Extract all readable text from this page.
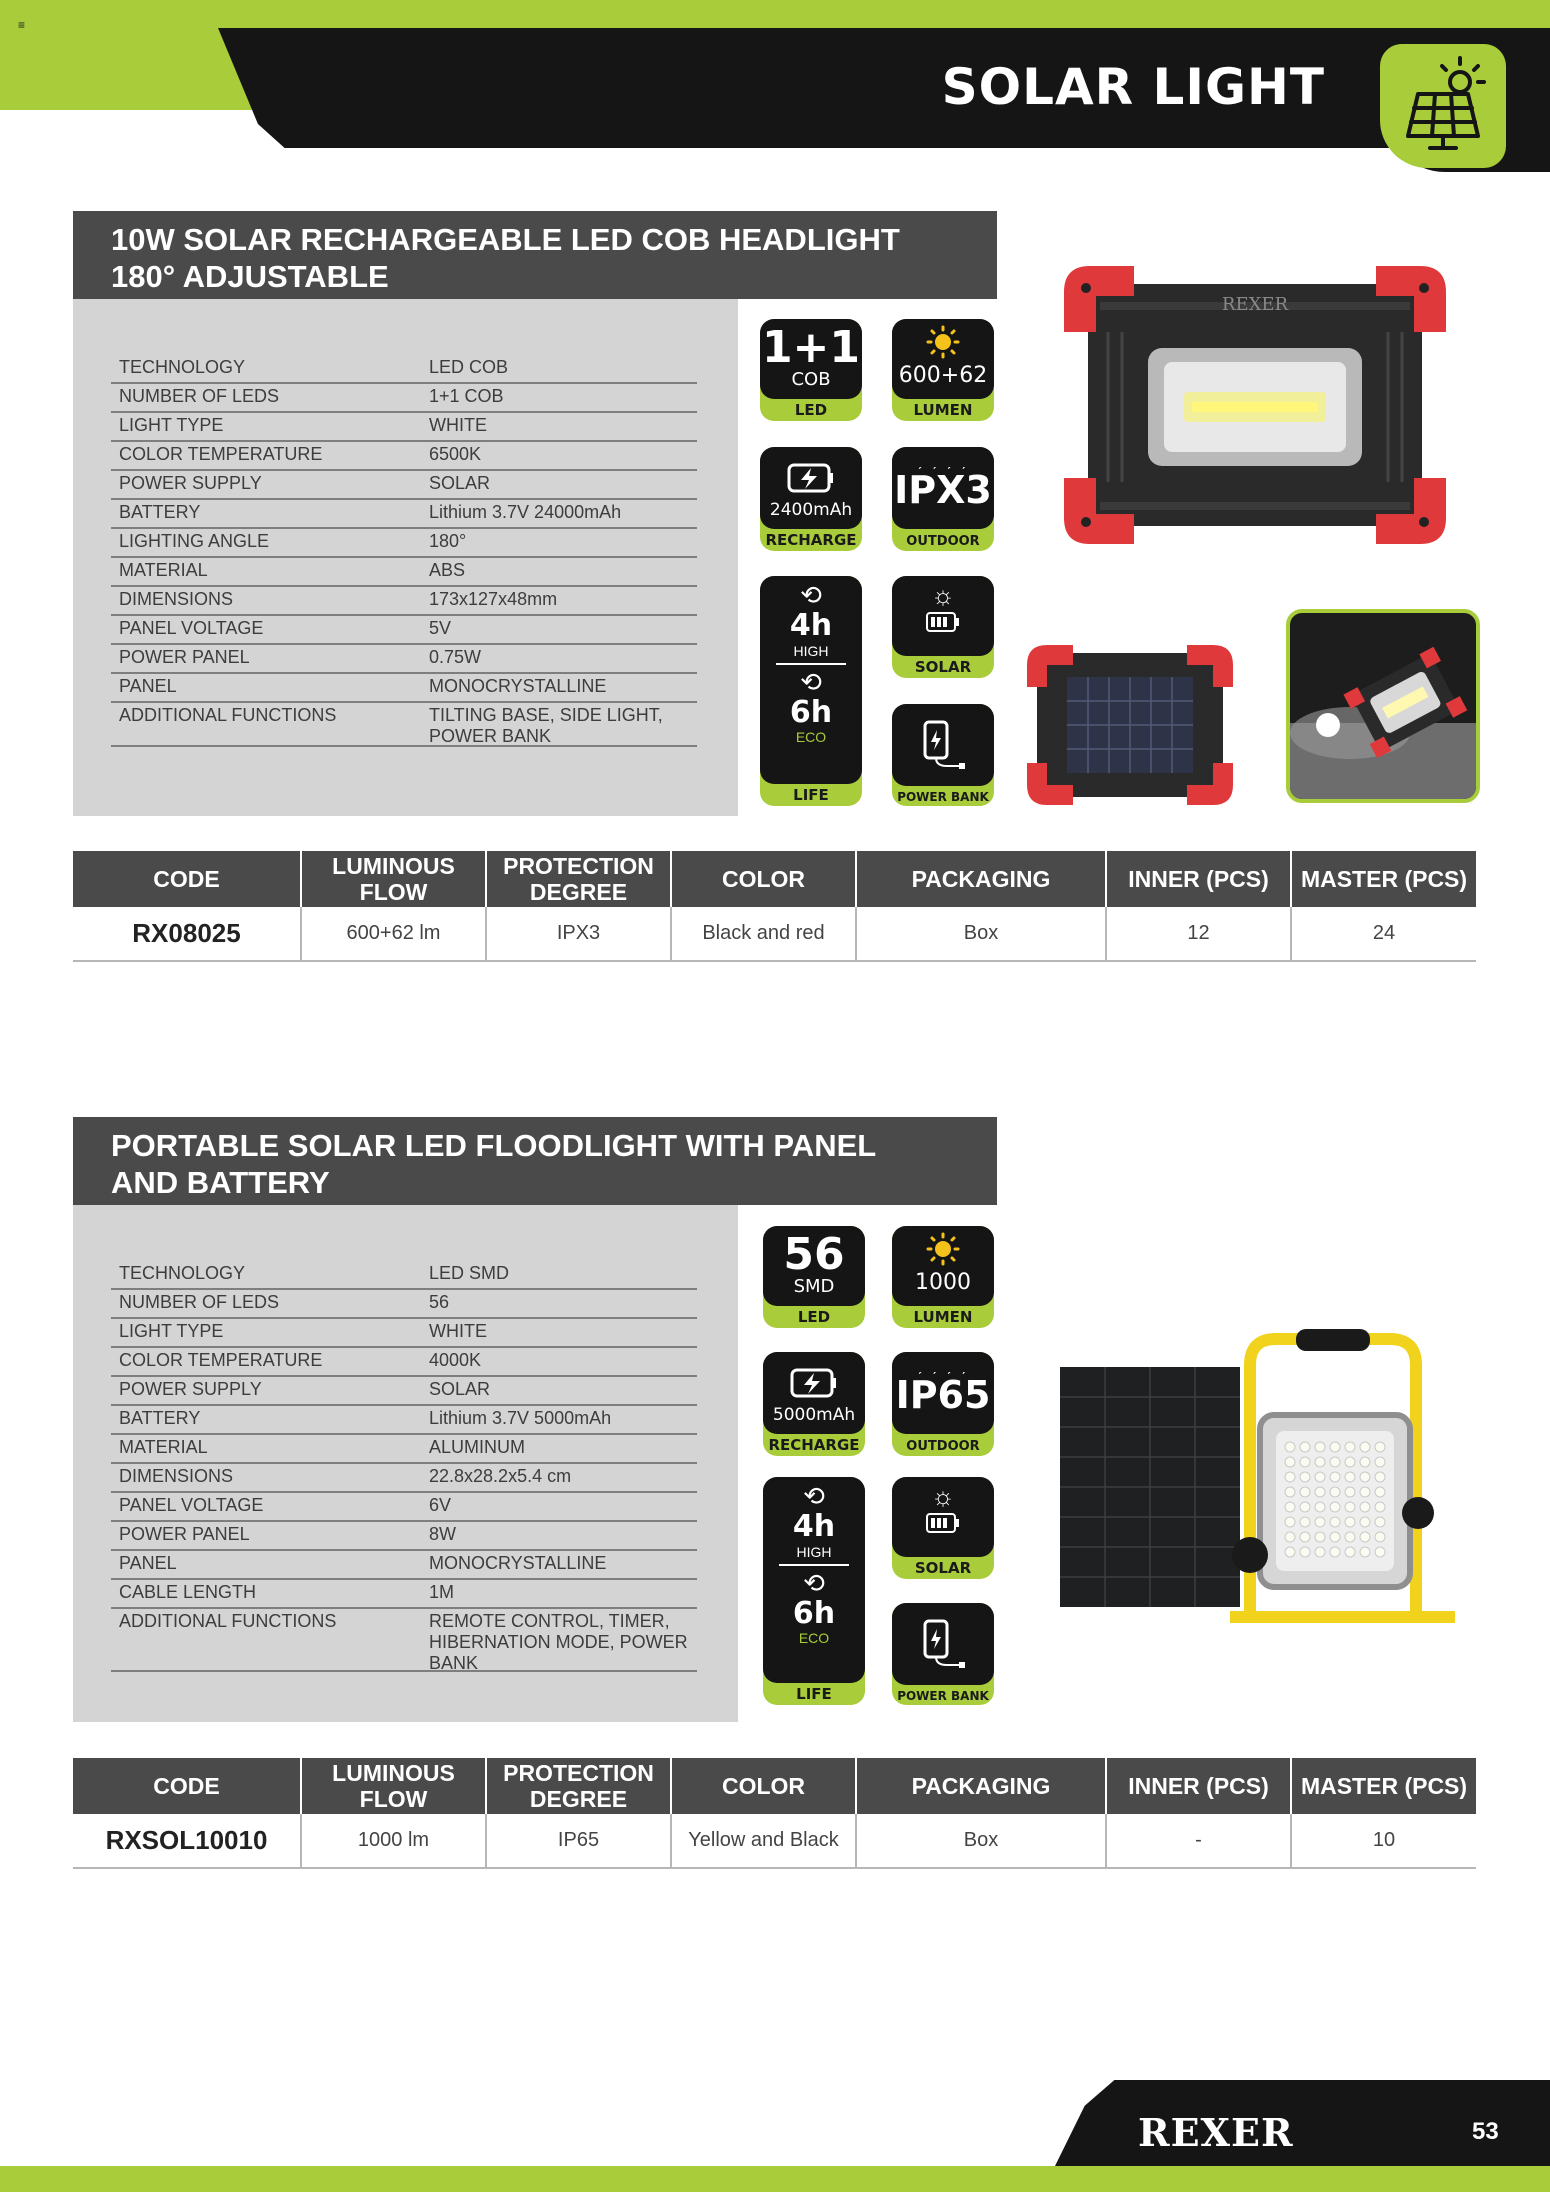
≡
SOLAR LIGHT
10W SOLAR RECHARGEABLE LED COB HEADLIGHT
180° ADJUSTABLE
TECHNOLOGY	LED COB
NUMBER OF LEDS	1+1 COB
LIGHT TYPE	WHITE
COLOR TEMPERATURE	6500K
POWER SUPPLY	SOLAR
BATTERY	Lithium 3.7V 24000mAh
LIGHTING ANGLE	180°
MATERIAL	ABS
DIMENSIONS	173x127x48mm
PANEL VOLTAGE	5V
POWER PANEL	0.75W
PANEL	MONOCRYSTALLINE
ADDITIONAL FUNCTIONS	TILTING BASE, SIDE LIGHT, POWER BANK
1+1
COB
LED
600+62
LUMEN
2400mAh
RECHARGE
ˏ ˏ ˏ ˏ
IPX3
OUTDOOR
⟲
4h
HIGH
⟲
6h
ECO
LIFE
☼
SOLAR
POWER BANK
REXER
CODE	LUMINOUS FLOW	PROTECTION DEGREE	COLOR	PACKAGING	INNER (PCS)	MASTER (PCS)
RX08025	600+62 lm	IPX3	Black and red	Box	12	24
PORTABLE SOLAR LED FLOODLIGHT WITH PANEL
AND BATTERY
TECHNOLOGY	LED SMD
NUMBER OF LEDS	56
LIGHT TYPE	WHITE
COLOR TEMPERATURE	4000K
POWER SUPPLY	SOLAR
BATTERY	Lithium 3.7V 5000mAh
MATERIAL	ALUMINUM
DIMENSIONS	22.8x28.2x5.4 cm
PANEL VOLTAGE	6V
POWER PANEL	8W
PANEL	MONOCRYSTALLINE
CABLE LENGTH	1M
ADDITIONAL FUNCTIONS	REMOTE CONTROL, TIMER, HIBERNATION MODE, POWER BANK
56
SMD
LED
1000
LUMEN
5000mAh
RECHARGE
ˏ ˏ ˏ ˏ
IP65
OUTDOOR
⟲
4h
HIGH
⟲
6h
ECO
LIFE
☼
SOLAR
POWER BANK
CODE	LUMINOUS FLOW	PROTECTION DEGREE	COLOR	PACKAGING	INNER (PCS)	MASTER (PCS)
RXSOL10010	1000 lm	IP65	Yellow and Black	Box	-	10
REXER	53
